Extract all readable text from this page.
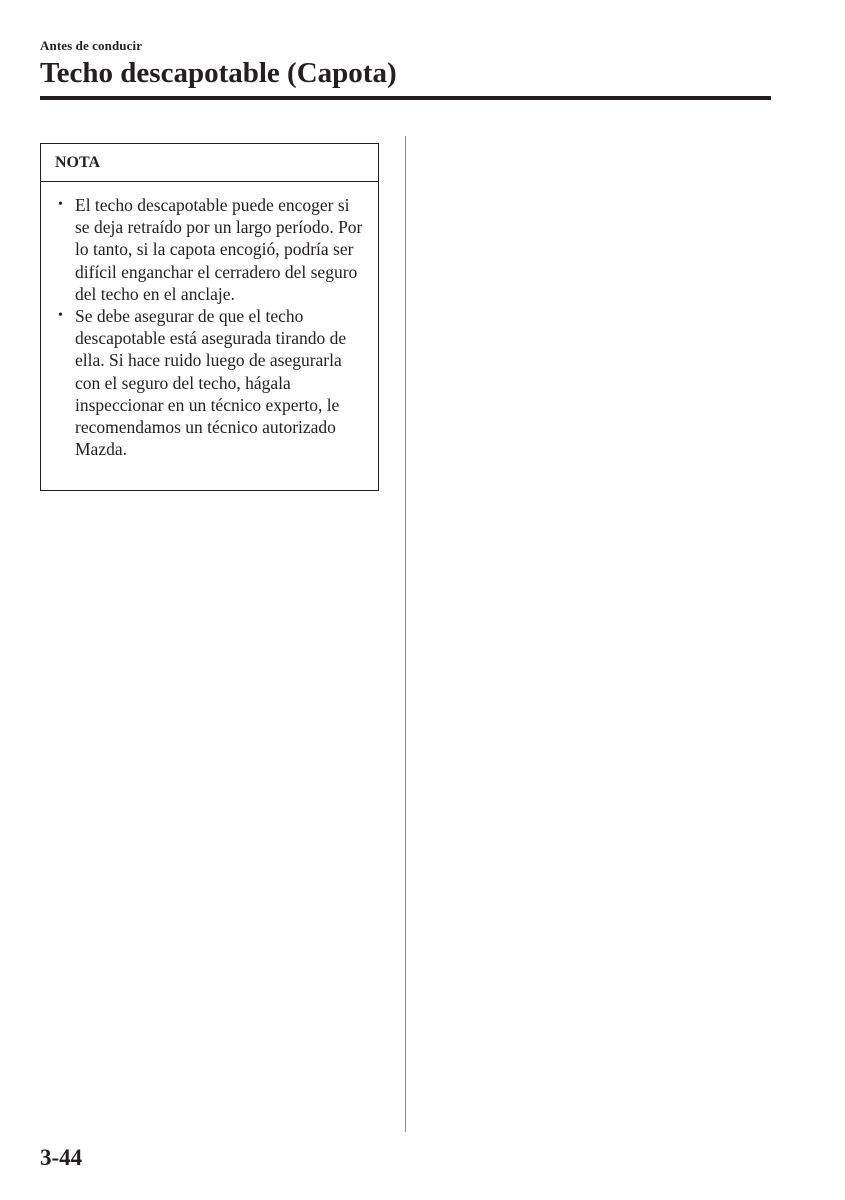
Antes de conducir
Techo descapotable (Capota)
NOTA
• El techo descapotable puede encoger si se deja retraído por un largo período. Por lo tanto, si la capota encogió, podría ser difícil enganchar el cerradero del seguro del techo en el anclaje.
• Se debe asegurar de que el techo descapotable está asegurada tirando de ella. Si hace ruido luego de asegurarla con el seguro del techo, hágala inspeccionar en un técnico experto, le recomendamos un técnico autorizado Mazda.
3-44
